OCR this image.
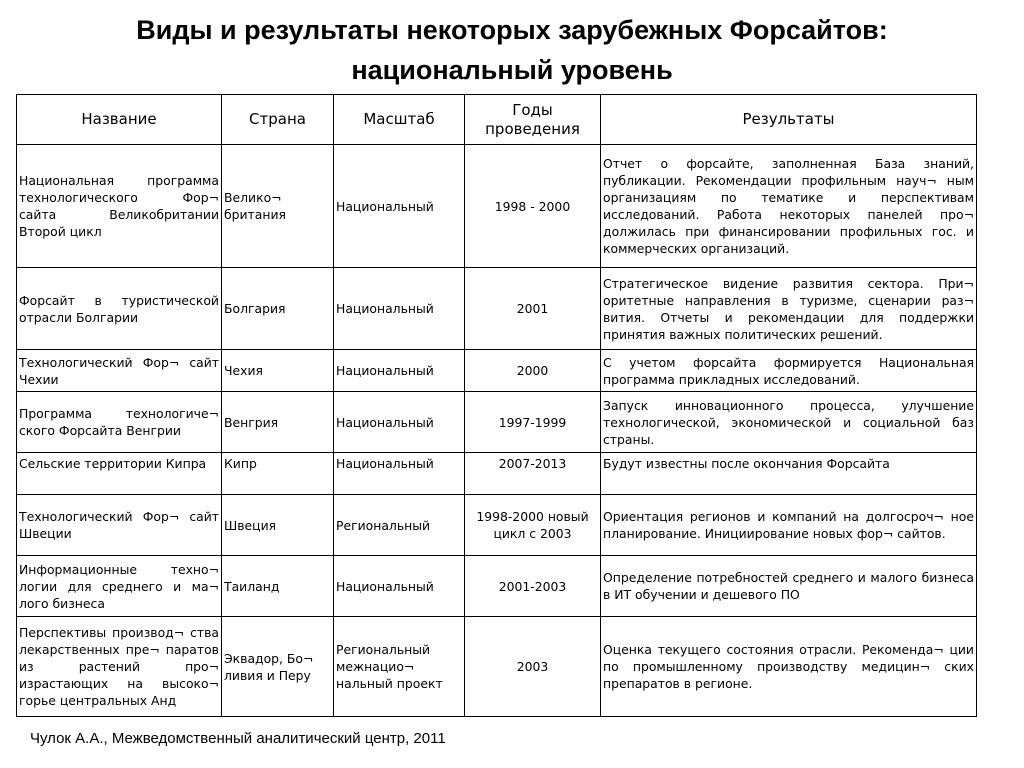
Виды и результаты некоторых зарубежных Форсайтов:
национальный уровень
Название	Страна	Масштаб	Годы проведения	Результаты
Национальная программа технологического Фор¬ сайта Великобритании Второй цикл	Велико¬ британия	Национальный	1998 - 2000	Отчет о форсайте, заполненная База знаний, публикации. Рекомендации профильным науч¬ ным организациям по тематике и перспективам исследований. Работа некоторых панелей про¬ должилась при финансировании профильных гос. и коммерческих организаций.
Форсайт в туристической отрасли Болгарии	Болгария	Национальный	2001	Стратегическое видение развития сектора. При¬ оритетные направления в туризме, сценарии раз¬ вития. Отчеты и рекомендации для поддержки принятия важных политических решений.
Технологический Фор¬ сайт Чехии	Чехия	Национальный	2000	С учетом форсайта формируется Национальная программа прикладных исследований.
Программа технологиче¬ ского Форсайта Венгрии	Венгрия	Национальный	1997-1999	Запуск инновационного процесса, улучшение технологической, экономической и социальной баз страны.
Сельские территории Кипра	Кипр	Национальный	2007-2013	Будут известны после окончания Форсайта
Технологический Фор¬ сайт Швеции	Швеция	Региональный	1998-2000 новый цикл с 2003	Ориентация регионов и компаний на долгосроч¬ ное планирование. Инициирование новых фор¬ сайтов.
Информационные техно¬ логии для среднего и ма¬ лого бизнеса	Таиланд	Национальный	2001-2003	Определение потребностей среднего и малого бизнеса в ИТ обучении и дешевого ПО
Перспективы производ¬ ства лекарственных пре¬ паратов из растений про¬ израстающих на высоко¬ горье центральных Анд	Эквадор, Бо¬ ливия и Перу	Региональный межнацио¬ нальный проект	2003	Оценка текущего состояния отрасли. Рекоменда¬ ции по промышленному производству медицин¬ ских препаратов в регионе.
Чулок А.А., Межведомственный аналитический центр, 2011
